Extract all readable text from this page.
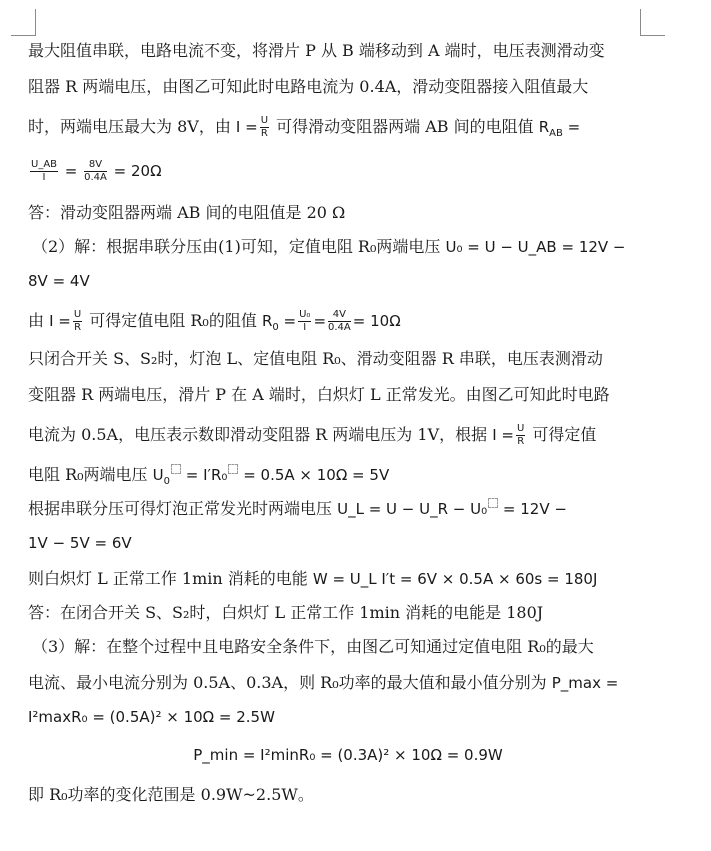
最大阻值串联，电路电流不变，将滑片 P 从 B 端移动到 A 端时，电压表测滑动变
阻器 R 两端电压，由图乙可知此时电路电流为 0.4A，滑动变阻器接入阻值最大
时，两端电压最大为 8V，由 $I = \frac{U}{R}$ 可得滑动变阻器两端 AB 间的电阻值 $R_{AB}$ =
$\frac{U\_AB}{I} = \frac{8V}{0.4A} = 20\Omega$
答：滑动变阻器两端 AB 间的电阻值是 20 Ω
（2）解：根据串联分压由(1)可知，定值电阻 R₀两端电压 U₀ = U − U_AB = 12V −
8V = 4V
由 $I = \frac{U}{R}$ 可得定值电阻 R₀的阻值 $R_0 = \frac{\text{U₀}}{I} = \frac{4V}{0.4A} = 10\Omega$
只闭合开关 S、S₂时，灯泡 L、定值电阻 R₀、滑动变阻器 R 串联，电压表测滑动
变阻器 R 两端电压，滑片 P 在 A 端时，白炽灯 L 正常发光。由图乙可知此时电路
电流为 0.5A，电压表示数即滑动变阻器 R 两端电压为 1V，根据 $I = \frac{U}{R}$ 可得定值
电阻 R₀两端电压 $U_0 = I'R_0 = 0.5A \times 10\Omega = 5V$
根据串联分压可得灯泡正常发光时两端电压 U_L = U − U_R − U₀ = 12V −
1V − 5V = 6V
则白炽灯 L 正常工作 1min 消耗的电能 W = U_L I′t = 6V × 0.5A × 60s = 180J
答：在闭合开关 S、S₂时，白炽灯 L 正常工作 1min 消耗的电能是 180J
（3）解：在整个过程中且电路安全条件下，由图乙可知通过定值电阻 R₀的最大
电流、最小电流分别为 0.5A、0.3A，则 R₀功率的最大值和最小值分别为 P_max =
I²maxR₀ = (0.5A)² × 10Ω = 2.5W
P_min = I²minR₀ = (0.3A)² × 10Ω = 0.9W
即 R₀功率的变化范围是 0.9W~2.5W。
